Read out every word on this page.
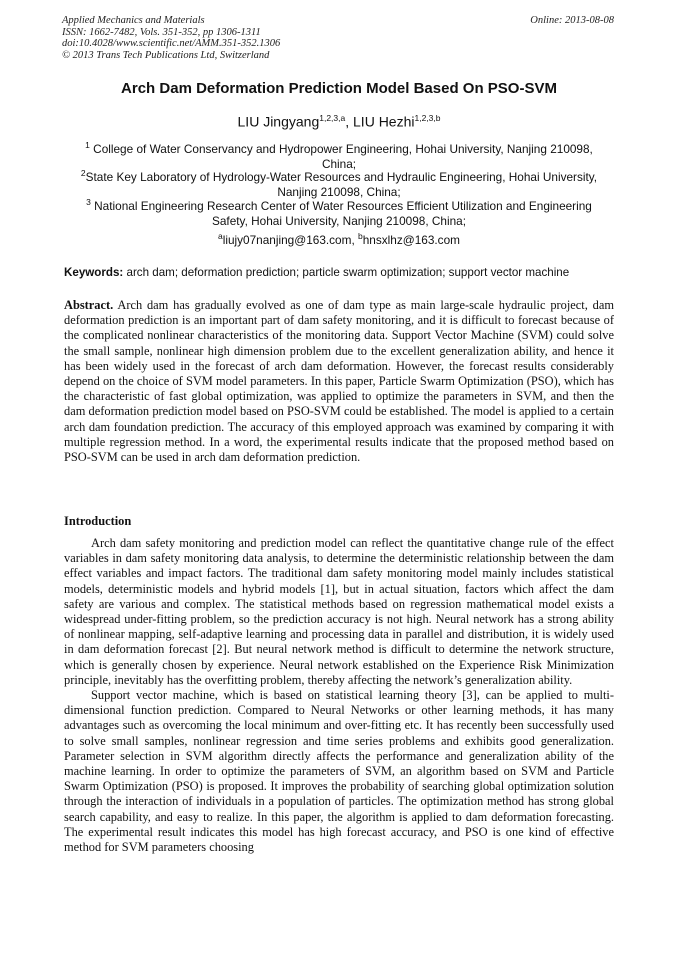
Applied Mechanics and Materials
ISSN: 1662-7482, Vols. 351-352, pp 1306-1311
doi:10.4028/www.scientific.net/AMM.351-352.1306
© 2013 Trans Tech Publications Ltd, Switzerland
Online: 2013-08-08
Arch Dam Deformation Prediction Model Based On PSO-SVM
LIU Jingyang$^{1,2,3,a}$, LIU Hezhi$^{1,2,3,b}$
$^1$ College of Water Conservancy and Hydropower Engineering, Hohai University, Nanjing 210098,
China;
$^2$State Key Laboratory of Hydrology-Water Resources and Hydraulic Engineering, Hohai University,
Nanjing 210098, China;
$^3$ National Engineering Research Center of Water Resources Efficient Utilization and Engineering
Safety, Hohai University, Nanjing 210098, China;
$^a$liujy07nanjing@163.com, $^b$hnsxlhz@163.com
Keywords: arch dam; deformation prediction; particle swarm optimization; support vector machine
Abstract. Arch dam has gradually evolved as one of dam type as main large-scale hydraulic project, dam deformation prediction is an important part of dam safety monitoring, and it is difficult to forecast because of the complicated nonlinear characteristics of the monitoring data. Support Vector Machine (SVM) could solve the small sample, nonlinear high dimension problem due to the excellent generalization ability, and hence it has been widely used in the forecast of arch dam deformation. However, the forecast results considerably depend on the choice of SVM model parameters. In this paper, Particle Swarm Optimization (PSO), which has the characteristic of fast global optimization, was applied to optimize the parameters in SVM, and then the dam deformation prediction model based on PSO-SVM could be established. The model is applied to a certain arch dam foundation prediction. The accuracy of this employed approach was examined by comparing it with multiple regression method. In a word, the experimental results indicate that the proposed method based on PSO-SVM can be used in arch dam deformation prediction.
Introduction

Arch dam safety monitoring and prediction model can reflect the quantitative change rule of the effect variables in dam safety monitoring data analysis, to determine the deterministic relationship between the dam effect variables and impact factors. The traditional dam safety monitoring model mainly includes statistical models, deterministic models and hybrid models [1], but in actual situation, factors which affect the dam safety are various and complex. The statistical methods based on regression mathematical model exists a widespread under-fitting problem, so the prediction accuracy is not high. Neural network has a strong ability of nonlinear mapping, self-adaptive learning and processing data in parallel and distribution, it is widely used in dam deformation forecast [2]. But neural network method is difficult to determine the network structure, which is generally chosen by experience. Neural network established on the Experience Risk Minimization principle, inevitably has the overfitting problem, thereby affecting the network’s generalization ability.

Support vector machine, which is based on statistical learning theory [3], can be applied to multi-dimensional function prediction. Compared to Neural Networks or other learning methods, it has many advantages such as overcoming the local minimum and over-fitting etc. It has recently been successfully used to solve small samples, nonlinear regression and time series problems and exhibits good generalization. Parameter selection in SVM algorithm directly affects the performance and generalization ability of the machine learning. In order to optimize the parameters of SVM, an algorithm based on SVM and Particle Swarm Optimization (PSO) is proposed. It improves the probability of searching global optimization solution through the interaction of individuals in a population of particles. The optimization method has strong global search capability, and easy to realize. In this paper, the algorithm is applied to dam deformation forecasting. The experimental result indicates this model has high forecast accuracy, and PSO is one kind of effective method for SVM parameters choosing
